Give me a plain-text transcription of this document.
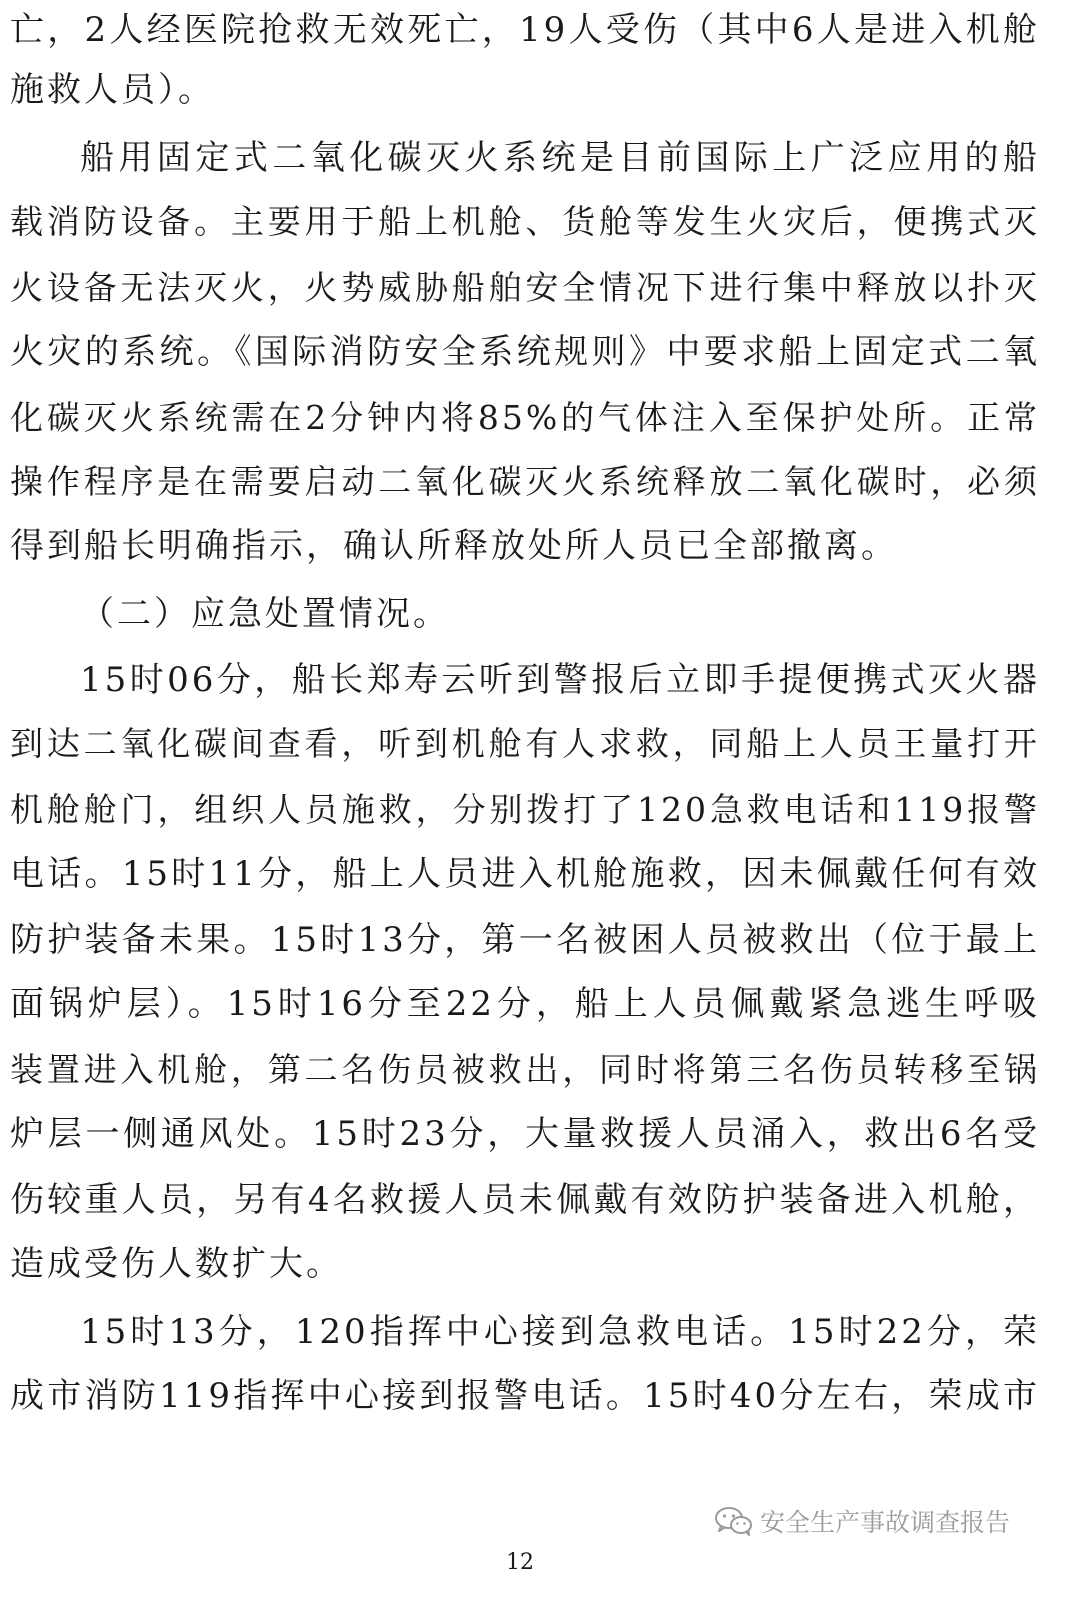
亡，2人经医院抢救无效死亡，19人受伤（其中6人是进入机舱
施救人员）。
船用固定式二氧化碳灭火系统是目前国际上广泛应用的船
载消防设备。主要用于船上机舱、货舱等发生火灾后，便携式灭
火设备无法灭火，火势威胁船舶安全情况下进行集中释放以扑灭
火灾的系统。《国际消防安全系统规则》中要求船上固定式二氧
化碳灭火系统需在2分钟内将85%的气体注入至保护处所。正常
操作程序是在需要启动二氧化碳灭火系统释放二氧化碳时，必须
得到船长明确指示，确认所释放处所人员已全部撤离。
（二）应急处置情况。
15时06分，船长郑寿云听到警报后立即手提便携式灭火器
到达二氧化碳间查看，听到机舱有人求救，同船上人员王量打开
机舱舱门，组织人员施救，分别拨打了120急救电话和119报警
电话。15时11分，船上人员进入机舱施救，因未佩戴任何有效
防护装备未果。15时13分，第一名被困人员被救出（位于最上
面锅炉层）。15时16分至22分，船上人员佩戴紧急逃生呼吸
装置进入机舱，第二名伤员被救出，同时将第三名伤员转移至锅
炉层一侧通风处。15时23分，大量救援人员涌入，救出6名受
伤较重人员，另有4名救援人员未佩戴有效防护装备进入机舱，
造成受伤人数扩大。
15时13分，120指挥中心接到急救电话。15时22分，荣
成市消防119指挥中心接到报警电话。15时40分左右，荣成市
安全生产事故调查报告
12
